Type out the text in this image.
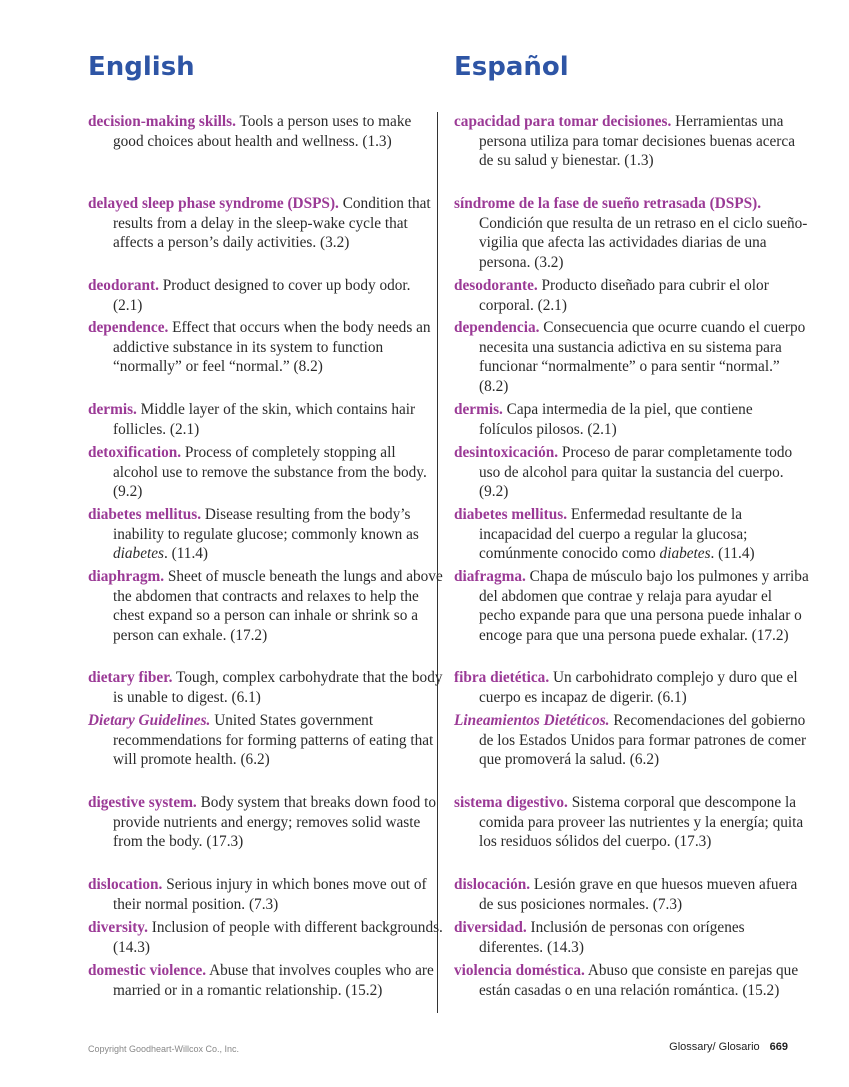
English	Español
decision-making skills. Tools a person uses to make good choices about health and wellness. (1.3)
capacidad para tomar decisiones. Herramientas una persona utiliza para tomar decisiones buenas acerca de su salud y bienestar. (1.3)
delayed sleep phase syndrome (DSPS). Condition that results from a delay in the sleep-wake cycle that affects a person’s daily activities. (3.2)
síndrome de la fase de sueño retrasada (DSPS). Condición que resulta de un retraso en el ciclo sueño-vigilia que afecta las actividades diarias de una persona. (3.2)
deodorant. Product designed to cover up body odor. (2.1)
desodorante. Producto diseñado para cubrir el olor corporal. (2.1)
dependence. Effect that occurs when the body needs an addictive substance in its system to function “normally” or feel “normal.” (8.2)
dependencia. Consecuencia que ocurre cuando el cuerpo necesita una sustancia adictiva en su sistema para funcionar “normalmente” o para sentir “normal.” (8.2)
dermis. Middle layer of the skin, which contains hair follicles. (2.1)
dermis. Capa intermedia de la piel, que contiene folículos pilosos. (2.1)
detoxification. Process of completely stopping all alcohol use to remove the substance from the body. (9.2)
desintoxicación. Proceso de parar completamente todo uso de alcohol para quitar la sustancia del cuerpo. (9.2)
diabetes mellitus. Disease resulting from the body’s inability to regulate glucose; commonly known as diabetes. (11.4)
diabetes mellitus. Enfermedad resultante de la incapacidad del cuerpo a regular la glucosa; comúnmente conocido como diabetes. (11.4)
diaphragm. Sheet of muscle beneath the lungs and above the abdomen that contracts and relaxes to help the chest expand so a person can inhale or shrink so a person can exhale. (17.2)
diafragma. Chapa de músculo bajo los pulmones y arriba del abdomen que contrae y relaja para ayudar el pecho expande para que una persona puede inhalar o encoge para que una persona puede exhalar. (17.2)
dietary fiber. Tough, complex carbohydrate that the body is unable to digest. (6.1)
fibra dietética. Un carbohidrato complejo y duro que el cuerpo es incapaz de digerir. (6.1)
Dietary Guidelines. United States government recommendations for forming patterns of eating that will promote health. (6.2)
Lineamientos Dietéticos. Recomendaciones del gobierno de los Estados Unidos para formar patrones de comer que promoverá la salud. (6.2)
digestive system. Body system that breaks down food to provide nutrients and energy; removes solid waste from the body. (17.3)
sistema digestivo. Sistema corporal que descompone la comida para proveer las nutrientes y la energía; quita los residuos sólidos del cuerpo. (17.3)
dislocation. Serious injury in which bones move out of their normal position. (7.3)
dislocación. Lesión grave en que huesos mueven afuera de sus posiciones normales. (7.3)
diversity. Inclusion of people with different backgrounds. (14.3)
diversidad. Inclusión de personas con orígenes diferentes. (14.3)
domestic violence. Abuse that involves couples who are married or in a romantic relationship. (15.2)
violencia doméstica. Abuso que consiste en parejas que están casadas o en una relación romántica. (15.2)
Copyright Goodheart-Willcox Co., Inc.	Glossary/ Glosario 669
